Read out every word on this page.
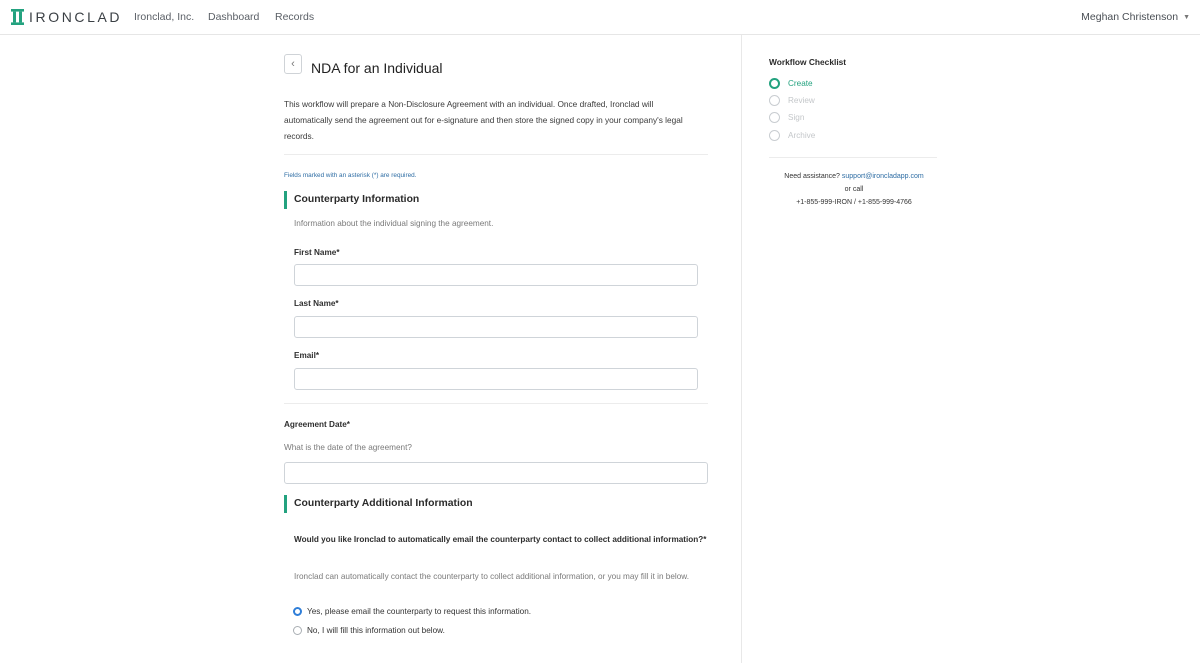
IRONCLAD Ironclad, Inc. Dashboard Records	Meghan Christenson ▼
‹ NDA for an Individual
This workflow will prepare a Non-Disclosure Agreement with an individual. Once drafted, Ironclad will automatically send the agreement out for e-signature and then store the signed copy in your company's legal records.
Fields marked with an asterisk (*) are required.
Counterparty Information
Information about the individual signing the agreement.
First Name*
Last Name*
Email*
Agreement Date*
What is the date of the agreement?
Counterparty Additional Information
Would you like Ironclad to automatically email the counterparty contact to collect additional information?*
Ironclad can automatically contact the counterparty to collect additional information, or you may fill it in below.
Yes, please email the counterparty to request this information.
No, I will fill this information out below.
Workflow Checklist
Create
Review
Sign
Archive
Need assistance? support@ironcladapp.com
or call
+1-855-999-IRON / +1-855-999-4766
